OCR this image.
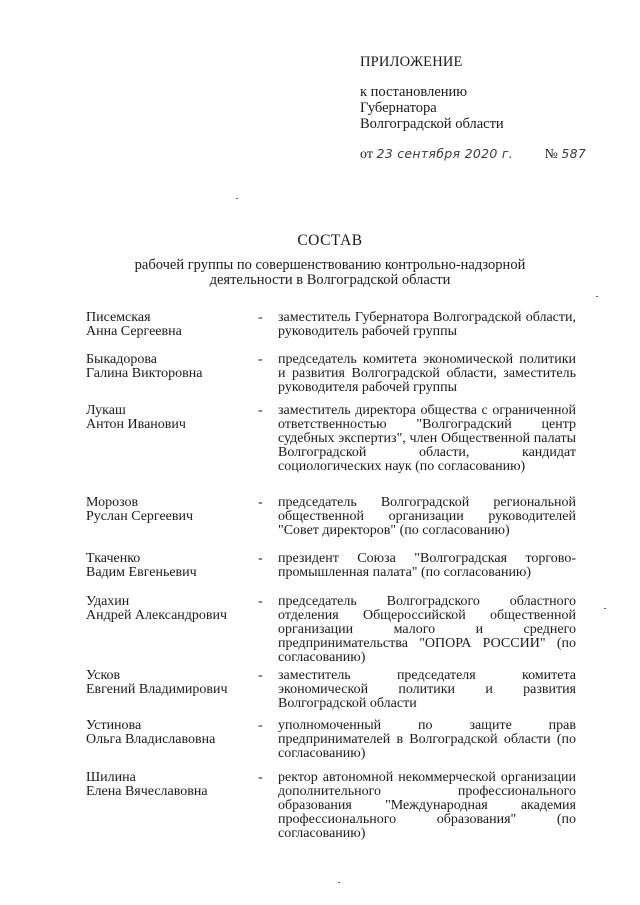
ПРИЛОЖЕНИЕ
к постановлению
Губернатора
Волгоградской области
от 23 сентября 2020 г. № 587
СОСТАВ
рабочей группы по совершенствованию контрольно-надзорной
деятельности в Волгоградской области
Писемская
Анна Сергеевна
-	заместитель Губернатора Волгоградской области, руководитель рабочей группы
Быкадорова
Галина Викторовна
-	председатель комитета экономической политики и развития Волгоградской области, заместитель руководителя рабочей группы
Лукаш
Антон Иванович
-	заместитель директора общества с ограниченной ответственностью "Волгоградский центр судебных экспертиз", член Общественной палаты Волгоградской области, кандидат социологических наук (по согласованию)
Морозов
Руслан Сергеевич
-	председатель Волгоградской региональной общественной организации руководителей "Совет директоров" (по согласованию)
Ткаченко
Вадим Евгеньевич
-	президент Союза "Волгоградская торгово-промышленная палата" (по согласованию)
Удахин
Андрей Александрович
-	председатель Волгоградского областного отделения Общероссийской общественной организации малого и среднего предпринимательства "ОПОРА РОССИИ" (по согласованию)
Усков
Евгений Владимирович
-	заместитель председателя комитета экономической политики и развития Волгоградской области
Устинова
Ольга Владиславовна
-	уполномоченный по защите прав предпринимателей в Волгоградской области (по согласованию)
Шилина
Елена Вячеславовна
-	ректор автономной некоммерческой организации дополнительного профессионального образования "Международная академия профессионального образования" (по согласованию)
